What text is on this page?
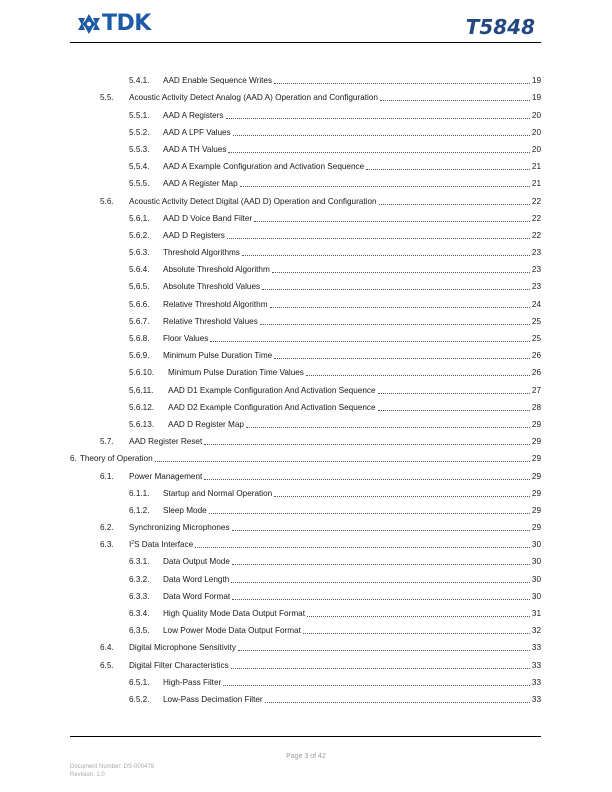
TDK	T5848
5.4.1.	AAD Enable Sequence Writes	19
5.5.	Acoustic Activity Detect Analog (AAD A) Operation and Configuration	19
5.5.1.	AAD A Registers	20
5.5.2.	AAD A LPF Values	20
5.5.3.	AAD A TH Values	20
5.5.4.	AAD A Example Configuration and Activation Sequence	21
5.5.5.	AAD A Register Map	21
5.6.	Acoustic Activity Detect Digital (AAD D) Operation and Configuration	22
5.6.1.	AAD D Voice Band Filter	22
5.6.2.	AAD D Registers	22
5.6.3.	Threshold Algorithms	23
5.6.4.	Absolute Threshold Algorithm	23
5.6.5.	Absolute Threshold Values	23
5.6.6.	Relative Threshold Algorithm	24
5.6.7.	Relative Threshold Values	25
5.6.8.	Floor Values	25
5.6.9.	Minimum Pulse Duration Time	26
5.6.10.	Minimum Pulse Duration Time Values	26
5.6.11.	AAD D1 Example Configuration And Activation Sequence	27
5.6.12.	AAD D2 Example Configuration And Activation Sequence	28
5.6.13.	AAD D Register Map	29
5.7.	AAD Register Reset	29
6. Theory of Operation	29
6.1.	Power Management	29
6.1.1.	Startup and Normal Operation	29
6.1.2.	Sleep Mode	29
6.2.	Synchronizing Microphones	29
6.3.	$I^2S$ Data Interface	30
6.3.1.	Data Output Mode	30
6.3.2.	Data Word Length	30
6.3.3.	Data Word Format	30
6.3.4.	High Quality Mode Data Output Format	31
6.3.5.	Low Power Mode Data Output Format	32
6.4.	Digital Microphone Sensitivity	33
6.5.	Digital Filter Characteristics	33
6.5.1.	High-Pass Filter	33
6.5.2.	Low-Pass Decimation Filter	33
Page 3 of 42
Document Number: DS-000479
Revision: 1.0
